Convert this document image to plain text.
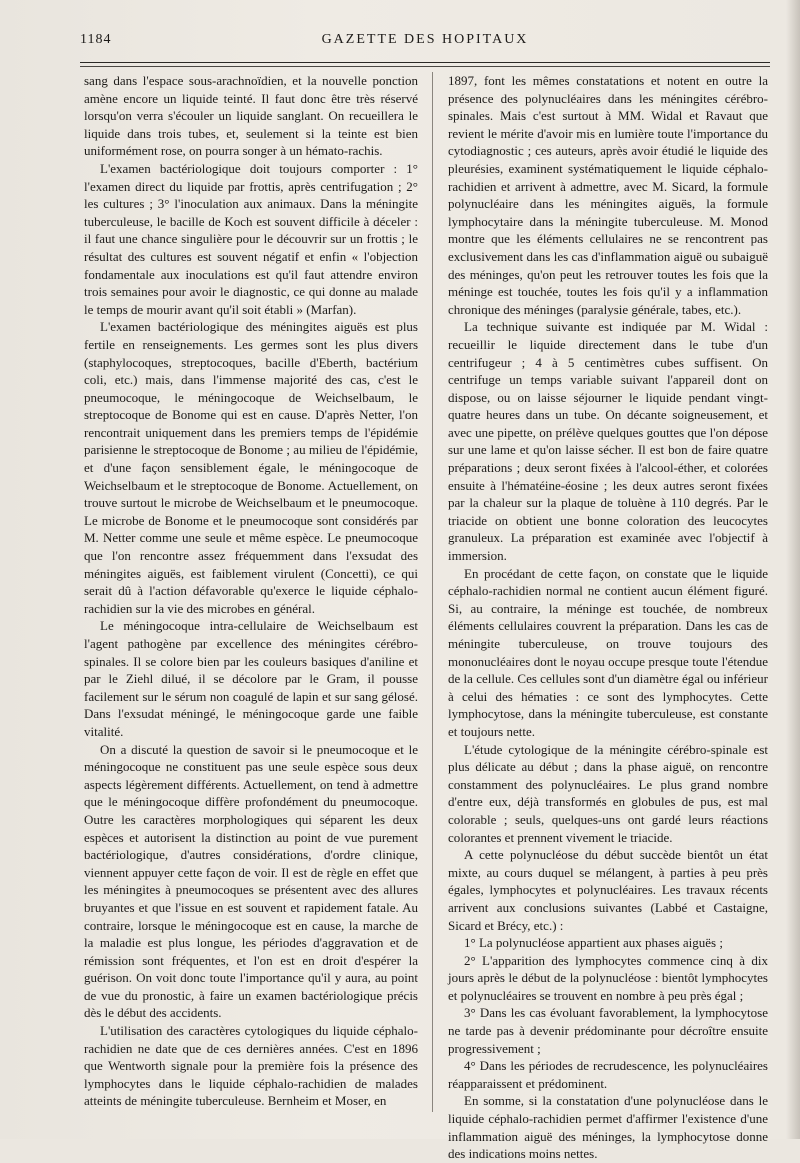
1184	GAZETTE DES HOPITAUX

sang dans l'espace sous-arachnoïdien, et la nouvelle ponction amène encore un liquide teinté. Il faut donc être très réservé lorsqu'on verra s'écouler un liquide sanglant. On recueillera le liquide dans trois tubes, et, seulement si la teinte est bien uniformément rose, on pourra songer à un hémato-rachis.

L'examen bactériologique doit toujours comporter : 1° l'examen direct du liquide par frottis, après centrifugation ; 2° les cultures ; 3° l'inoculation aux animaux. Dans la méningite tuberculeuse, le bacille de Koch est souvent difficile à déceler : il faut une chance singulière pour le découvrir sur un frottis ; le résultat des cultures est souvent négatif et enfin « l'objection fondamentale aux inoculations est qu'il faut attendre environ trois semaines pour avoir le diagnostic, ce qui donne au malade le temps de mourir avant qu'il soit établi » (Marfan).

L'examen bactériologique des méningites aiguës est plus fertile en renseignements. Les germes sont les plus divers (staphylocoques, streptocoques, bacille d'Eberth, bactérium coli, etc.) mais, dans l'immense majorité des cas, c'est le pneumocoque, le méningocoque de Weichselbaum, le streptocoque de Bonome qui est en cause. D'après Netter, l'on rencontrait uniquement dans les premiers temps de l'épidémie parisienne le streptocoque de Bonome ; au milieu de l'épidémie, et d'une façon sensiblement égale, le méningocoque de Weichselbaum et le streptocoque de Bonome. Actuellement, on trouve surtout le microbe de Weichselbaum et le pneumocoque. Le microbe de Bonome et le pneumocoque sont considérés par M. Netter comme une seule et même espèce. Le pneumocoque que l'on rencontre assez fréquemment dans l'exsudat des méningites aiguës, est faiblement virulent (Concetti), ce qui serait dû à l'action défavorable qu'exerce le liquide céphalo-rachidien sur la vie des microbes en général.

Le méningocoque intra-cellulaire de Weichselbaum est l'agent pathogène par excellence des méningites cérébro-spinales. Il se colore bien par les couleurs basiques d'aniline et par le Ziehl dilué, il se décolore par le Gram, il pousse facilement sur le sérum non coagulé de lapin et sur sang gélosé. Dans l'exsudat méningé, le méningocoque garde une faible vitalité.

On a discuté la question de savoir si le pneumocoque et le méningocoque ne constituent pas une seule espèce sous deux aspects légèrement différents. Actuellement, on tend à admettre que le méningocoque diffère profondément du pneumocoque. Outre les caractères morphologiques qui séparent les deux espèces et autorisent la distinction au point de vue purement bactériologique, d'autres considérations, d'ordre clinique, viennent appuyer cette façon de voir. Il est de règle en effet que les méningites à pneumocoques se présentent avec des allures bruyantes et que l'issue en est souvent et rapidement fatale. Au contraire, lorsque le méningocoque est en cause, la marche de la maladie est plus longue, les périodes d'aggravation et de rémission sont fréquentes, et l'on est en droit d'espérer la guérison. On voit donc toute l'importance qu'il y aura, au point de vue du pronostic, à faire un examen bactériologique précis dès le début des accidents.

L'utilisation des caractères cytologiques du liquide céphalo-rachidien ne date que de ces dernières années. C'est en 1896 que Wentworth signale pour la première fois la présence des lymphocytes dans le liquide céphalo-rachidien de malades atteints de méningite tuberculeuse. Bernheim et Moser, en

1897, font les mêmes constatations et notent en outre la présence des polynucléaires dans les méningites cérébro-spinales. Mais c'est surtout à MM. Widal et Ravaut que revient le mérite d'avoir mis en lumière toute l'importance du cytodiagnostic ; ces auteurs, après avoir étudié le liquide des pleurésies, examinent systématiquement le liquide céphalo-rachidien et arrivent à admettre, avec M. Sicard, la formule polynucléaire dans les méningites aiguës, la formule lymphocytaire dans la méningite tuberculeuse. M. Monod montre que les éléments cellulaires ne se rencontrent pas exclusivement dans les cas d'inflammation aiguë ou subaiguë des méninges, qu'on peut les retrouver toutes les fois que la méninge est touchée, toutes les fois qu'il y a inflammation chronique des méninges (paralysie générale, tabes, etc.).

La technique suivante est indiquée par M. Widal : recueillir le liquide directement dans le tube d'un centrifugeur ; 4 à 5 centimètres cubes suffisent. On centrifuge un temps variable suivant l'appareil dont on dispose, ou on laisse séjourner le liquide pendant vingt-quatre heures dans un tube. On décante soigneusement, et avec une pipette, on prélève quelques gouttes que l'on dépose sur une lame et qu'on laisse sécher. Il est bon de faire quatre préparations ; deux seront fixées à l'alcool-éther, et colorées ensuite à l'hématéine-éosine ; les deux autres seront fixées par la chaleur sur la plaque de toluène à 110 degrés. Par le triacide on obtient une bonne coloration des leucocytes granuleux. La préparation est examinée avec l'objectif à immersion.

En procédant de cette façon, on constate que le liquide céphalo-rachidien normal ne contient aucun élément figuré. Si, au contraire, la méninge est touchée, de nombreux éléments cellulaires couvrent la préparation. Dans les cas de méningite tuberculeuse, on trouve toujours des mononucléaires dont le noyau occupe presque toute l'étendue de la cellule. Ces cellules sont d'un diamètre égal ou inférieur à celui des hématies : ce sont des lymphocytes. Cette lymphocytose, dans la méningite tuberculeuse, est constante et toujours nette.

L'étude cytologique de la méningite cérébro-spinale est plus délicate au début ; dans la phase aiguë, on rencontre constamment des polynucléaires. Le plus grand nombre d'entre eux, déjà transformés en globules de pus, est mal colorable ; seuls, quelques-uns ont gardé leurs réactions colorantes et prennent vivement le triacide.

A cette polynucléose du début succède bientôt un état mixte, au cours duquel se mélangent, à parties à peu près égales, lymphocytes et polynucléaires. Les travaux récents arrivent aux conclusions suivantes (Labbé et Castaigne, Sicard et Brécy, etc.) :

1° La polynucléose appartient aux phases aiguës ;

2° L'apparition des lymphocytes commence cinq à dix jours après le début de la polynucléose : bientôt lymphocytes et polynucléaires se trouvent en nombre à peu près égal ;

3° Dans les cas évoluant favorablement, la lymphocytose ne tarde pas à devenir prédominante pour décroître ensuite progressivement ;

4° Dans les périodes de recrudescence, les polynucléaires réapparaissent et prédominent.

En somme, si la constatation d'une polynucléose dans le liquide céphalo-rachidien permet d'affirmer l'existence d'une inflammation aiguë des méninges, la lymphocytose donne des indications moins nettes.
